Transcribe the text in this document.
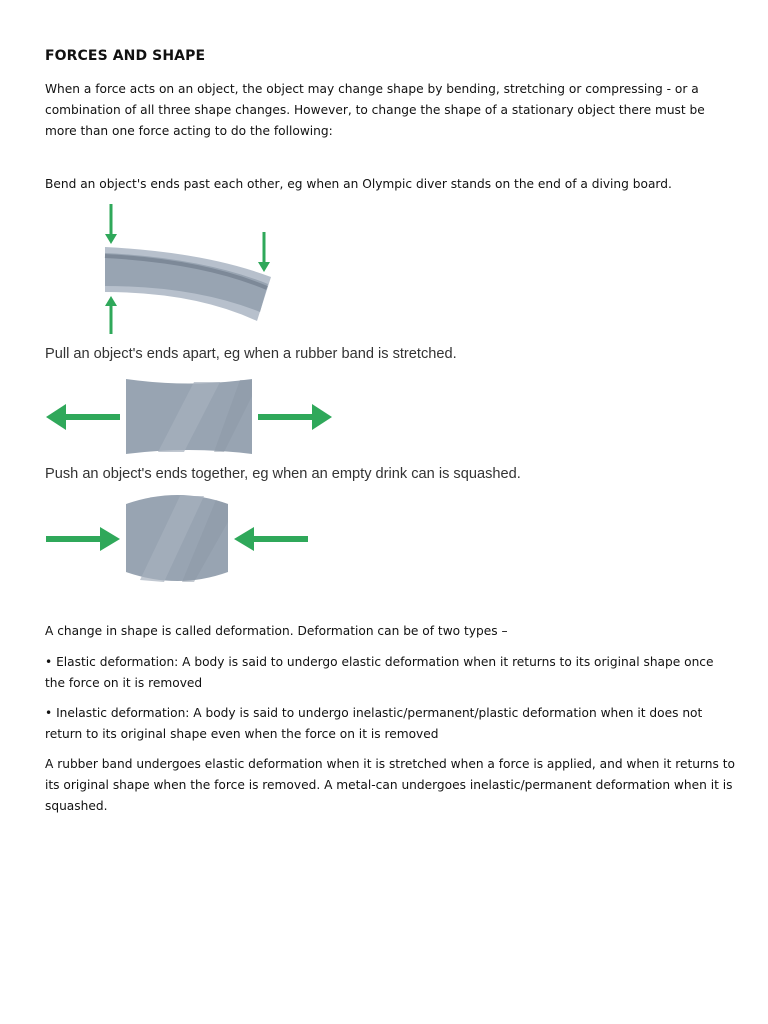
FORCES AND SHAPE

When a force acts on an object, the object may change shape by bending, stretching or compressing - or a combination of all three shape changes. However, to change the shape of a stationary object there must be more than one force acting to do the following:

Bend an object's ends past each other, eg when an Olympic diver stands on the end of a diving board.

Pull an object's ends apart, eg when a rubber band is stretched.

Push an object's ends together, eg when an empty drink can is squashed.

A change in shape is called deformation. Deformation can be of two types –

• Elastic deformation: A body is said to undergo elastic deformation when it returns to its original shape once the force on it is removed

• Inelastic deformation: A body is said to undergo inelastic/permanent/plastic deformation when it does not return to its original shape even when the force on it is removed

A rubber band undergoes elastic deformation when it is stretched when a force is applied, and when it returns to its original shape when the force is removed. A metal-can undergoes inelastic/permanent deformation when it is squashed.
